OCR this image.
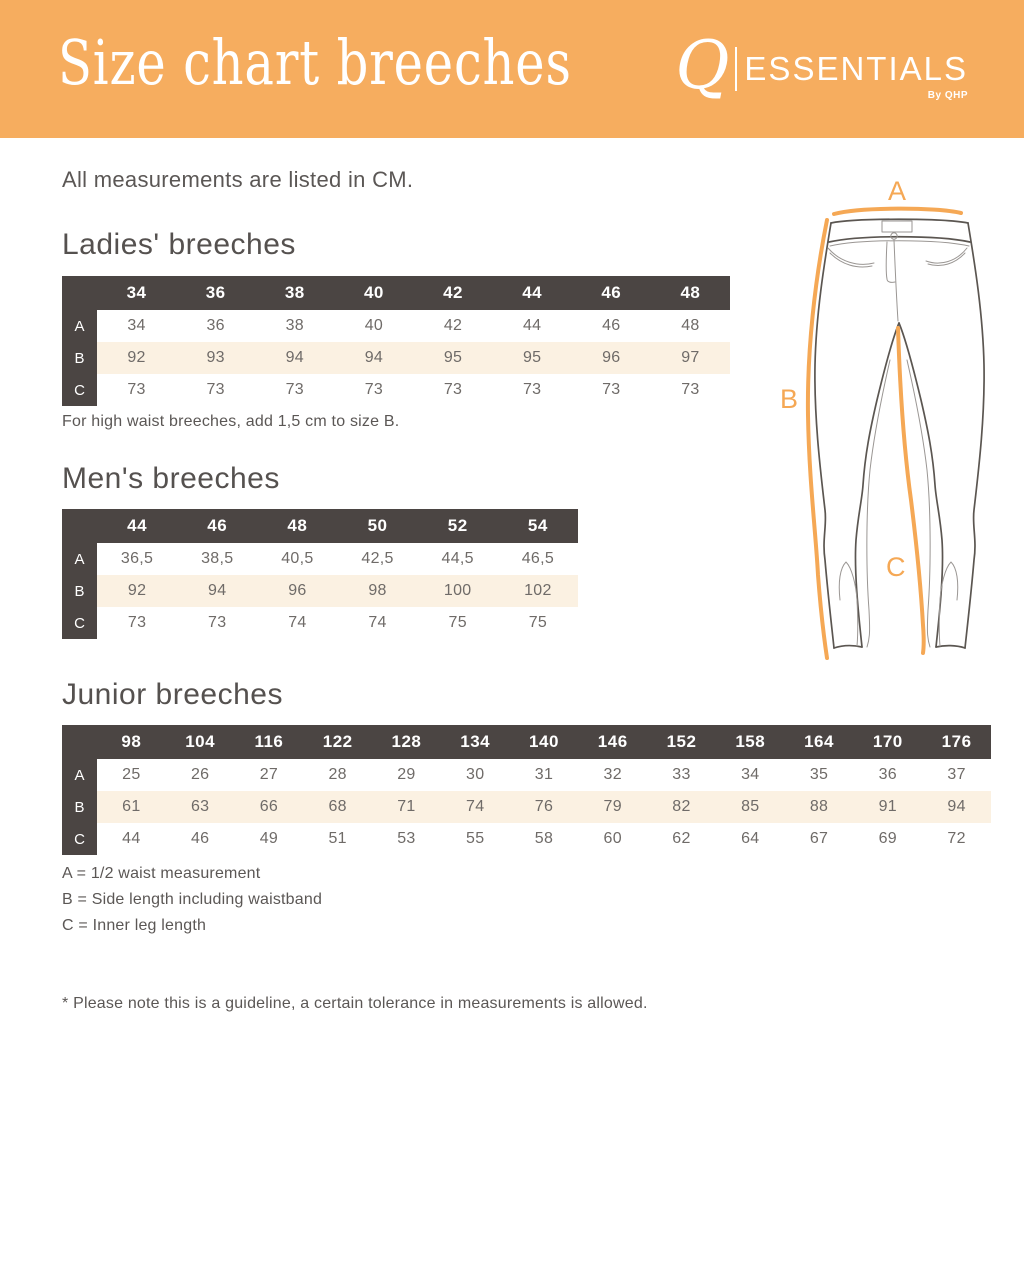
Size chart breeches Q ESSENTIALS
By QHP
All measurements are listed in CM.
Ladies' breeches
	34	36	38	40	42	44	46	48
A	34	36	38	40	42	44	46	48
B	92	93	94	94	95	95	96	97
C	73	73	73	73	73	73	73	73
For high waist breeches, add 1,5 cm to size B.
Men's breeches
	44	46	48	50	52	54
A	36,5	38,5	40,5	42,5	44,5	46,5
B	92	94	96	98	100	102
C	73	73	74	74	75	75
Junior breeches
	98	104	116	122	128	134	140	146	152	158	164	170	176
A	25	26	27	28	29	30	31	32	33	34	35	36	37
B	61	63	66	68	71	74	76	79	82	85	88	91	94
C	44	46	49	51	53	55	58	60	62	64	67	69	72
A = 1/2 waist measurement
B = Side length including waistband
C = Inner leg length
* Please note this is a guideline, a certain tolerance in measurements is allowed.
A
B
C
